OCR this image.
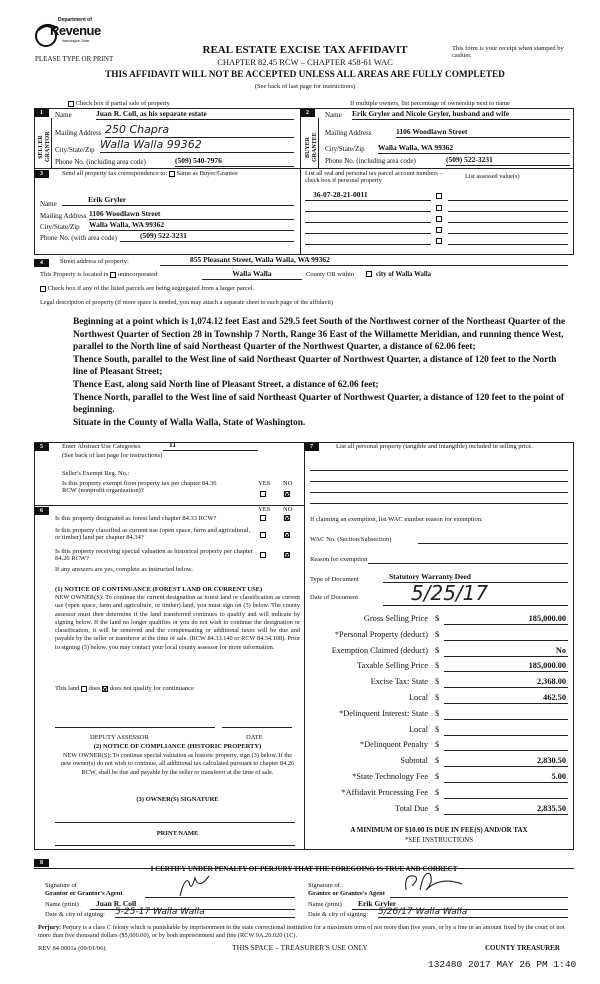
Department of
Revenue
Washington State
PLEASE TYPE OR PRINT
REAL ESTATE EXCISE TAX AFFIDAVIT
CHAPTER 82.45 RCW – CHAPTER 458-61 WAC
This form is your receipt when stamped by cashier.
THIS AFFIDAVIT WILL NOT BE ACCEPTED UNLESS ALL AREAS ARE FULLY COMPLETED
(See back of last page for instructions)
Check box if partial sale of property	If multiple owners, list percentage of ownership next to name
1
SELLER GRANTOR
Name	Juan R. Coll, as his separate estate
Mailing Address 250 Chapra
City/State/Zip Walla Walla 99362
Phone No. (including area code)	(509) 540-7976
2
BUYER GRANTEE
Name Erik Gryler and Nicole Gryler, husband and wife
Mailing Address	1106 Woodlawn Street
City/State/Zip Walla Walla, WA 99362
Phone No. (including area code)	(509) 522-3231
3	Send all property tax correspondence to: Same as Buyer/Grantee
Name	Erik Gryler
Mailing Address 1106 Woodlawn Street
City/State/Zip Walla Walla, WA 99362
Phone No. (with area code)	(509) 522-3231
List all real and personal tax parcel account numbers – check box if personal property
List assessed value(s)
36-07-28-21-0011
4	Street address of property:	855 Pleasant Street, Walla Walla, WA 99362
This Property is located in unincorporated	Walla Walla	County OR within	city of Walla Walla
Check box if any of the listed parcels are being segregated from a larger parcel.
Legal description of property (if more space is needed, you may attach a separate sheet to each page of the affidavit)
Beginning at a point which is 1,074.12 feet East and 529.5 feet South of the Northwest corner of the Northeast Quarter of the Northwest Quarter of Section 28 in Township 7 North, Range 36 East of the Willamette Meridian, and running thence West, parallel to the North line of said Northeast Quarter of the Northwest Quarter, a distance of 62.06 feet;
Thence South, parallel to the West line of said Northeast Quarter of Northwest Quarter, a distance of 120 feet to the North line of Pleasant Street;
Thence East, along said North line of Pleasant Street, a distance of 62.06 feet;
Thence North, parallel to the West line of said Northeast Quarter of Northwest Quarter, a distance of 120 feet to the point of beginning.
Situate in the County of Walla Walla, State of Washington.
5	Enter Abstract Use Categories	11
(See back of last page for instructions)
Seller's Exempt Reg. No.:
Is this property exempt from property tax per chapter 84.36 RCW (nonprofit organization)?
YES NO
6	YES NO
Is this property designated as forest land chapter 84.33 RCW?
Is this property classified as current use (open space, farm and agricultural, or timber) land per chapter 84.34?
Is this property receiving special valuation as historical property per chapter 84.26 RCW?
If any answers are yes, complete as instructed below.
(1) NOTICE OF CONTINUANCE (FOREST LAND OR CURRENT USE)
NEW OWNER(S): To continue the current designation as forest land or classification as current use (open space, farm and agriculture, or timber) land, you must sign on (3) below. The county assessor must then determine if the land transferred continues to qualify and will indicate by signing below. If the land no longer qualifies or you do not wish to continue the designation or classification, it will be removed and the compensating or additional taxes will be due and payable by the seller or transferor at the time of sale. (RCW 84.33.140 or RCW 84.34.108). Prior to signing (3) below, you may contact your local county assessor for more information.
This land does does not qualify for continuance
DEPUTY ASSESSOR	DATE
(2) NOTICE OF COMPLIANCE (HISTORIC PROPERTY)
NEW OWNER(S): To continue special valuation as historic property, sign (3) below. If the new owner(s) do not wish to continue, all additional tax calculated pursuant to chapter 84.26 RCW, shall be due and payable by the seller or transferor at the time of sale.
(3) OWNER(S) SIGNATURE
PRINT NAME
7	List all personal property (tangible and intangible) included in selling price.
If claiming an exemption, list WAC number reason for exemption:
WAC No. (Section/Subsection)
Reason for exemption
Type of Document	Statutory Warranty Deed
Date of Document	5/25/17
Gross Selling Price $	185,000.00
*Personal Property (deduct) $
Exemption Claimed (deduct) $	No
Taxable Selling Price $	185,000.00
Excise Tax: State $	2,368.00
Local $	462.50
*Delinquent Interest: State $
Local $
*Delinquent Penalty $
Subtotal $	2,830.50
*State Technology Fee $	5.00
*Affidavit Processing Fee $
Total Due $	2,835.50
A MINIMUM OF $10.00 IS DUE IN FEE(S) AND/OR TAX
*SEE INSTRUCTIONS
8
I CERTIFY UNDER PENALTY OF PERJURY THAT THE FOREGOING IS TRUE AND CORRECT
Signature of
Grantor or Grantor's Agent
Name (print)	Juan R. Coll
Date & city of signing: 5-25-17 Walla Walla
Signature of
Grantee or Grantee's Agent
Name (print)	Erik Gryler
Date & city of signing: 5/26/17 Walla Walla
Perjury: Perjury is a class C felony which is punishable by imprisonment in the state correctional institution for a maximum term of not more than five years, or by a fine in an amount fixed by the court of not more than five thousand dollars ($5,000.00), or by both imprisonment and fine (RCW 9A.20.020 (1C).
REV 84 0001a (09/01/06)	THIS SPACE – TREASURER'S USE ONLY	COUNTY TREASURER
132480 2017 MAY 26 PM 1:40
